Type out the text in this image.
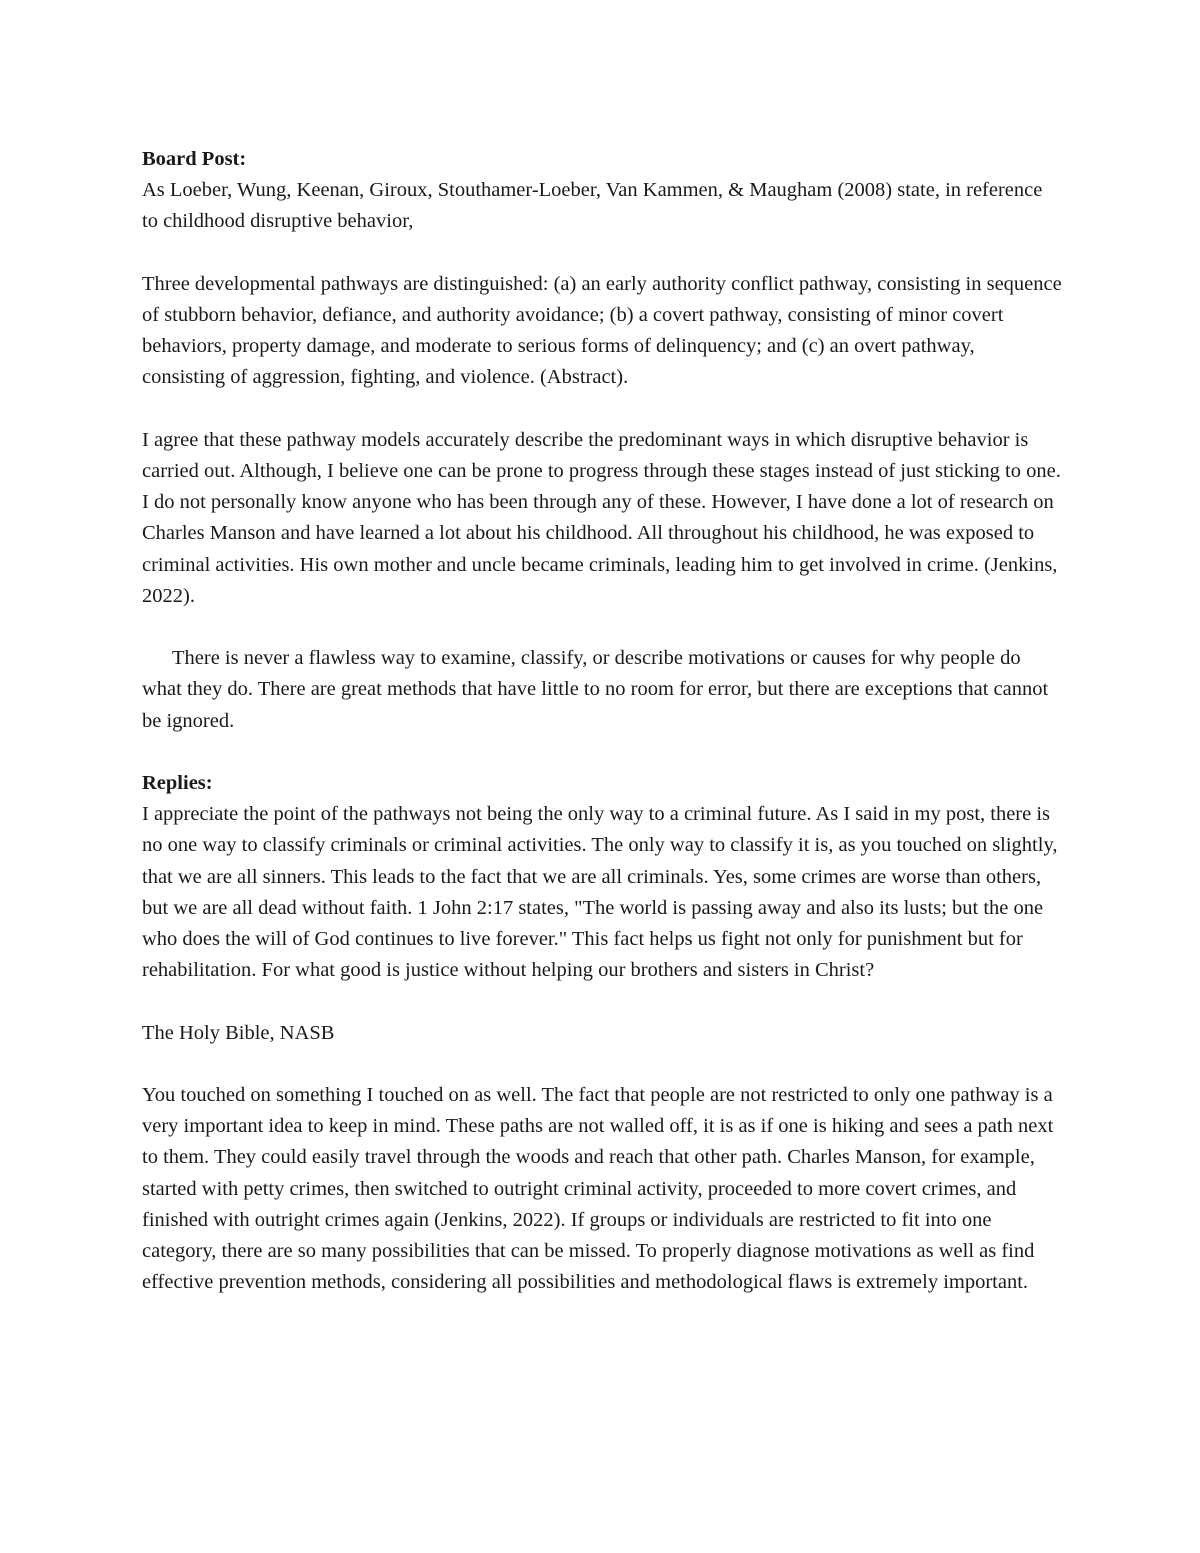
Board Post:

As Loeber, Wung, Keenan, Giroux, Stouthamer-Loeber, Van Kammen, & Maugham (2008) state, in reference to childhood disruptive behavior,

Three developmental pathways are distinguished: (a) an early authority conflict pathway, consisting in sequence of stubborn behavior, defiance, and authority avoidance; (b) a covert pathway, consisting of minor covert behaviors, property damage, and moderate to serious forms of delinquency; and (c) an overt pathway, consisting of aggression, fighting, and violence. (Abstract).

I agree that these pathway models accurately describe the predominant ways in which disruptive behavior is carried out. Although, I believe one can be prone to progress through these stages instead of just sticking to one. I do not personally know anyone who has been through any of these. However, I have done a lot of research on Charles Manson and have learned a lot about his childhood. All throughout his childhood, he was exposed to criminal activities. His own mother and uncle became criminals, leading him to get involved in crime. (Jenkins, 2022).

There is never a flawless way to examine, classify, or describe motivations or causes for why people do what they do. There are great methods that have little to no room for error, but there are exceptions that cannot be ignored.

Replies:

I appreciate the point of the pathways not being the only way to a criminal future. As I said in my post, there is no one way to classify criminals or criminal activities. The only way to classify it is, as you touched on slightly, that we are all sinners. This leads to the fact that we are all criminals. Yes, some crimes are worse than others, but we are all dead without faith. 1 John 2:17 states, "The world is passing away and also its lusts; but the one who does the will of God continues to live forever." This fact helps us fight not only for punishment but for rehabilitation. For what good is justice without helping our brothers and sisters in Christ?

The Holy Bible, NASB

You touched on something I touched on as well. The fact that people are not restricted to only one pathway is a very important idea to keep in mind. These paths are not walled off, it is as if one is hiking and sees a path next to them. They could easily travel through the woods and reach that other path. Charles Manson, for example, started with petty crimes, then switched to outright criminal activity, proceeded to more covert crimes, and finished with outright crimes again (Jenkins, 2022). If groups or individuals are restricted to fit into one category, there are so many possibilities that can be missed. To properly diagnose motivations as well as find effective prevention methods, considering all possibilities and methodological flaws is extremely important.
